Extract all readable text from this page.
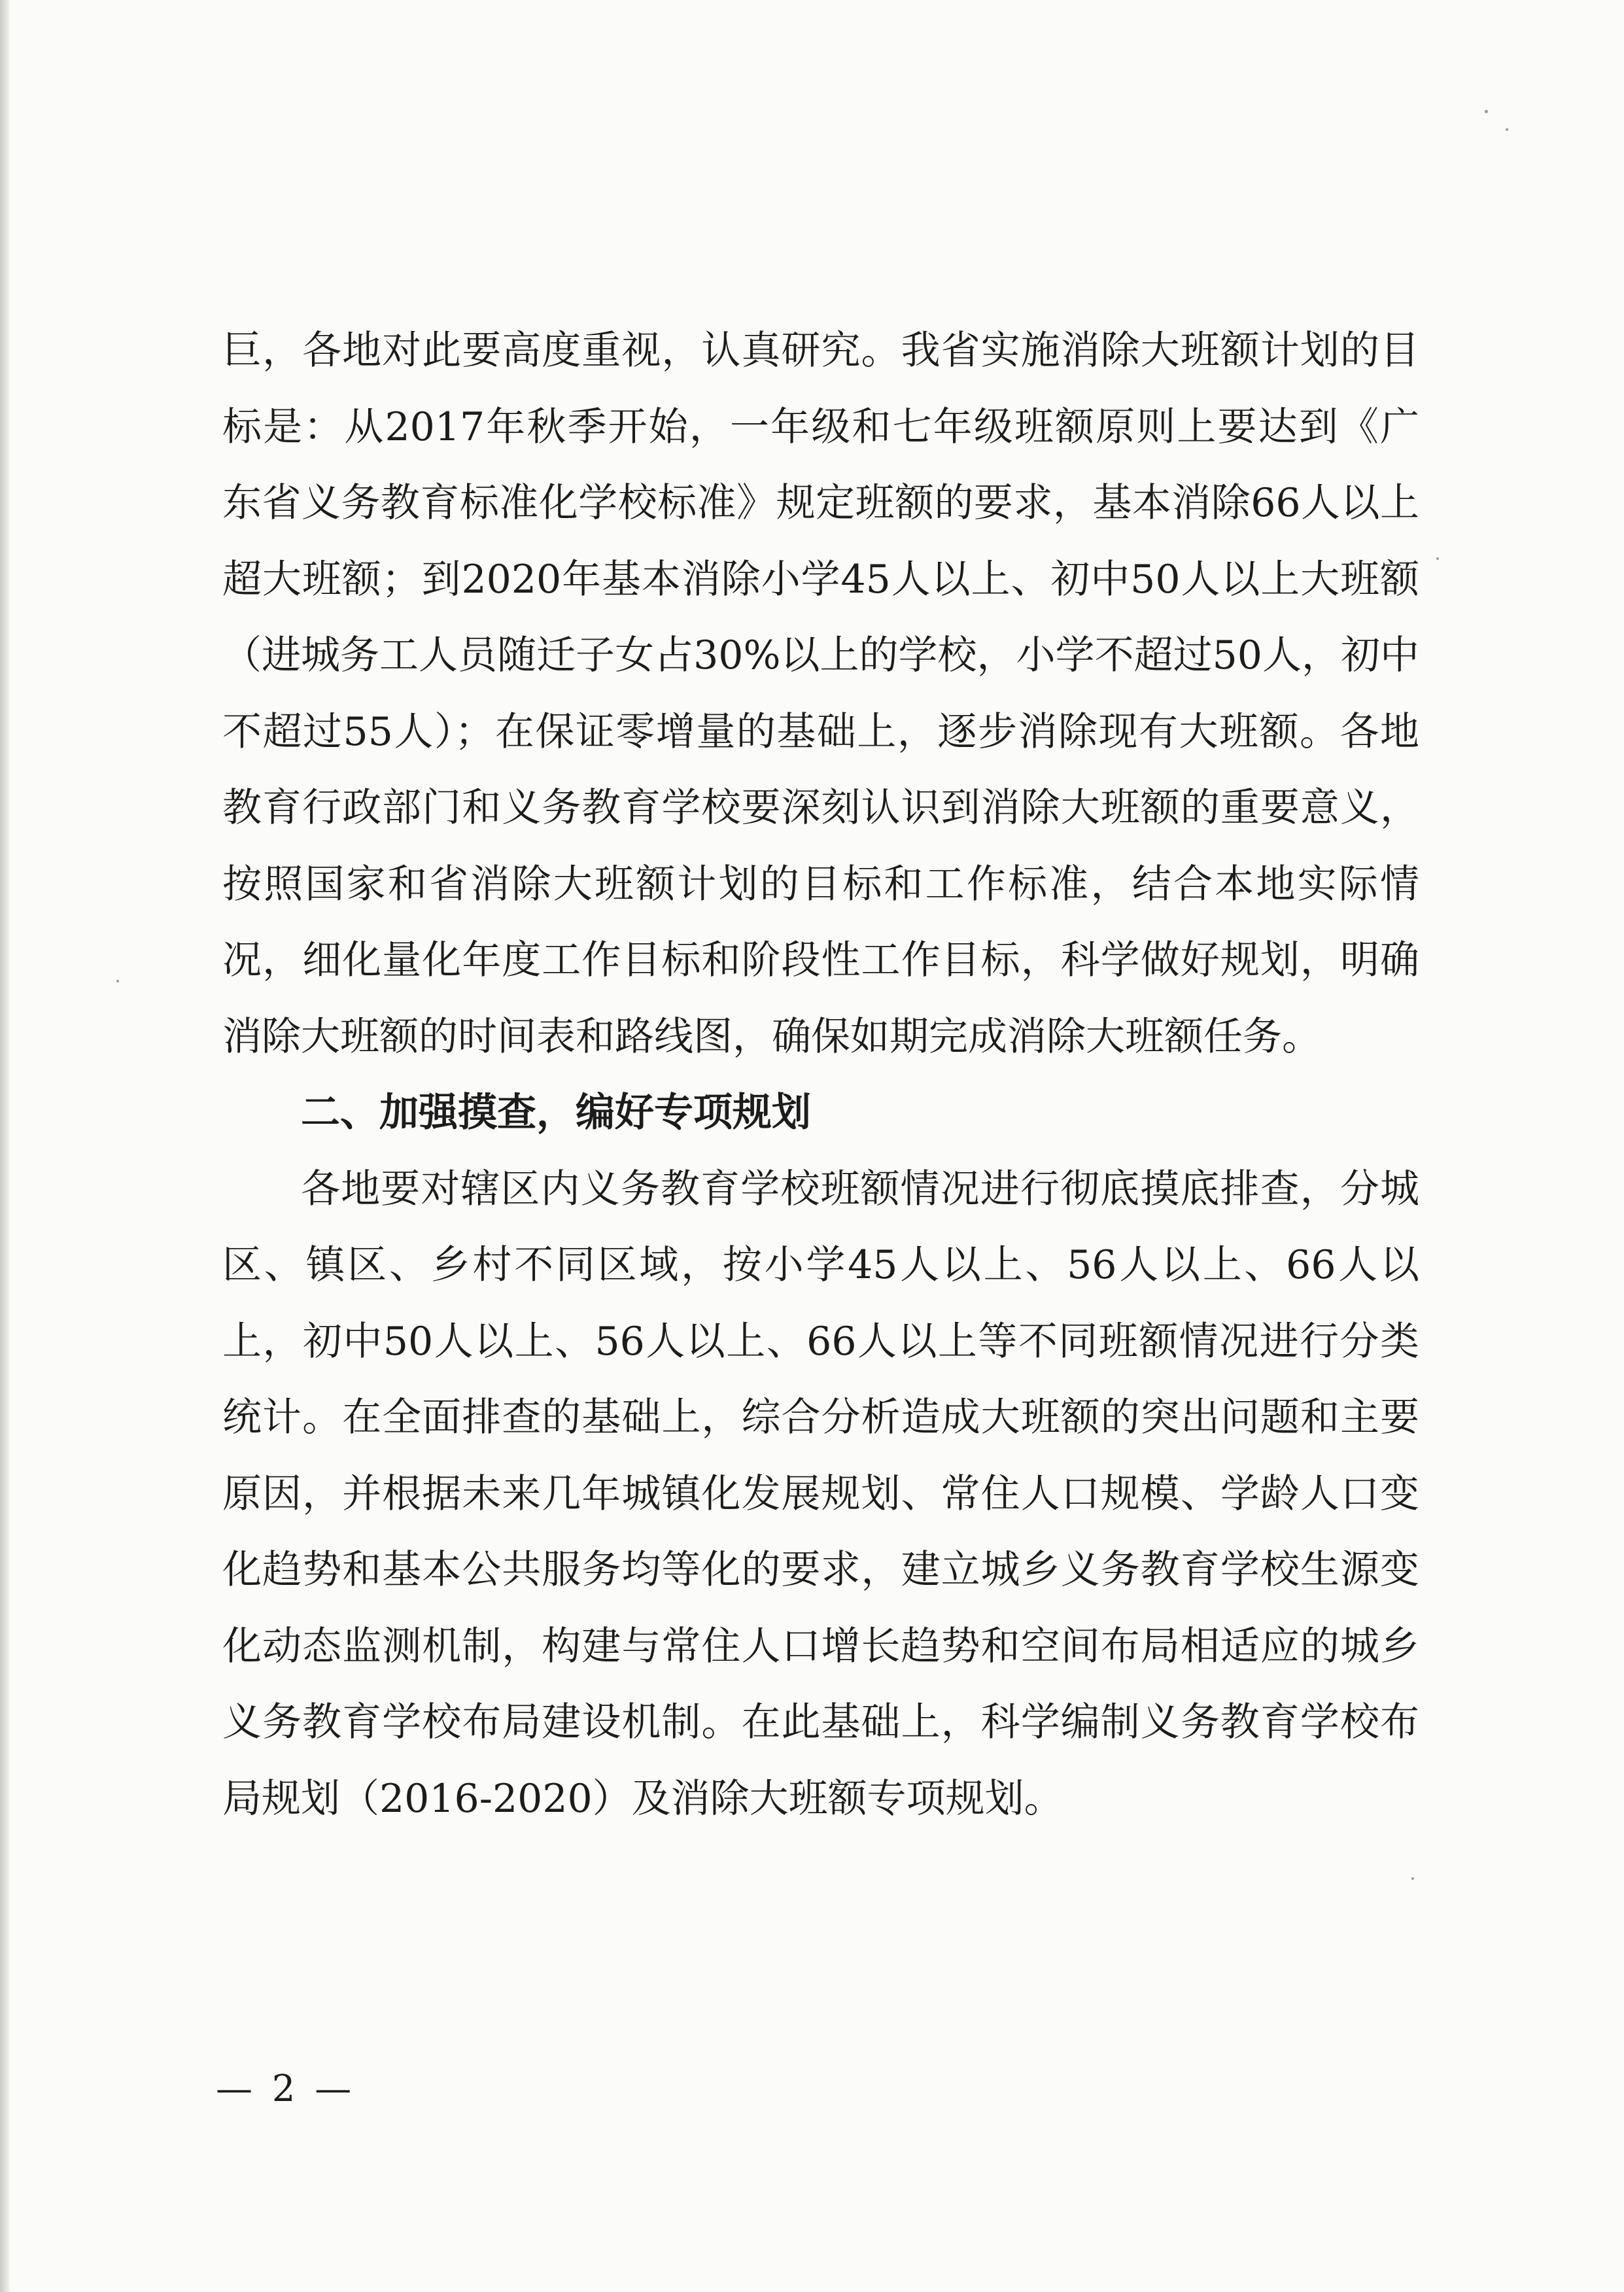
巨，各地对此要高度重视，认真研究。我省实施消除大班额计划的目标是：从2017年秋季开始，一年级和七年级班额原则上要达到《广东省义务教育标准化学校标准》规定班额的要求，基本消除66人以上超大班额；到2020年基本消除小学45人以上、初中50人以上大班额（进城务工人员随迁子女占30%以上的学校，小学不超过50人，初中不超过55人）；在保证零增量的基础上，逐步消除现有大班额。各地教育行政部门和义务教育学校要深刻认识到消除大班额的重要意义，按照国家和省消除大班额计划的目标和工作标准，结合本地实际情况，细化量化年度工作目标和阶段性工作目标，科学做好规划，明确消除大班额的时间表和路线图，确保如期完成消除大班额任务。

二、加强摸查，编好专项规划

各地要对辖区内义务教育学校班额情况进行彻底摸底排查，分城区、镇区、乡村不同区域，按小学45人以上、56人以上、66人以上，初中50人以上、56人以上、66人以上等不同班额情况进行分类统计。在全面排查的基础上，综合分析造成大班额的突出问题和主要原因，并根据未来几年城镇化发展规划、常住人口规模、学龄人口变化趋势和基本公共服务均等化的要求，建立城乡义务教育学校生源变化动态监测机制，构建与常住人口增长趋势和空间布局相适应的城乡义务教育学校布局建设机制。在此基础上，科学编制义务教育学校布局规划（2016-2020）及消除大班额专项规划。

— 2 —
